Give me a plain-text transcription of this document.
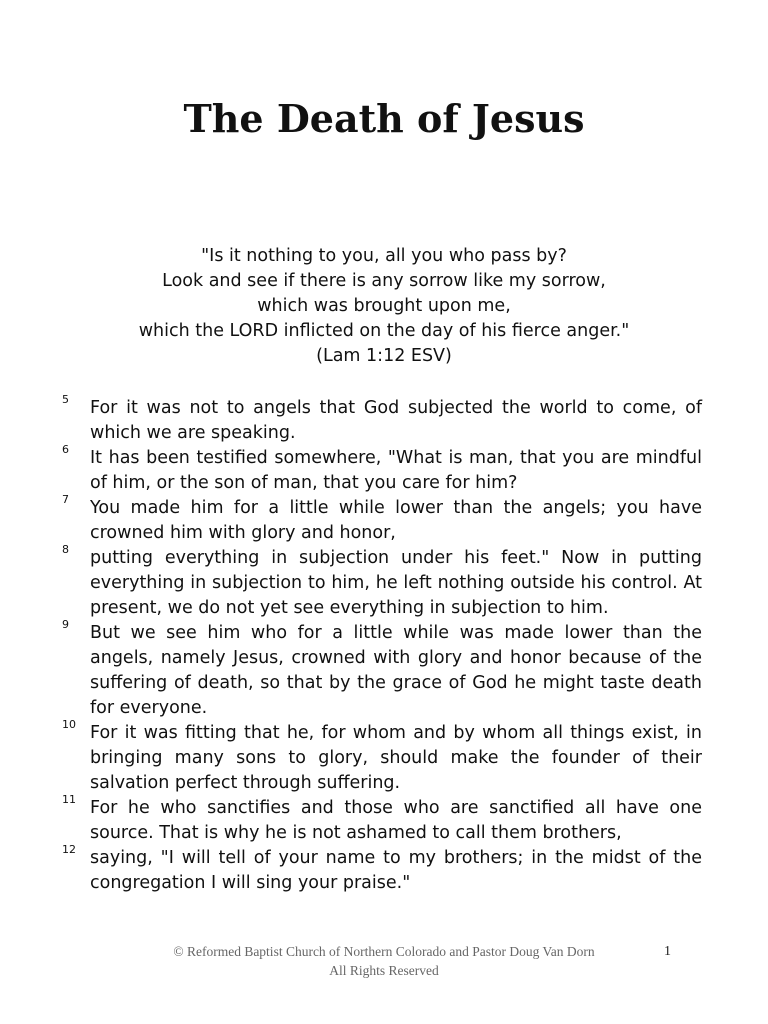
The Death of Jesus
"Is it nothing to you, all you who pass by?
Look and see if there is any sorrow like my sorrow,
which was brought upon me,
which the LORD inflicted on the day of his fierce anger."
(Lam 1:12 ESV)
5 For it was not to angels that God subjected the world to come, of which we are speaking.
6 It has been testified somewhere, "What is man, that you are mindful of him, or the son of man, that you care for him?
7 You made him for a little while lower than the angels; you have crowned him with glory and honor,
8 putting everything in subjection under his feet." Now in putting everything in subjection to him, he left nothing outside his control. At present, we do not yet see everything in subjection to him.
9 But we see him who for a little while was made lower than the angels, namely Jesus, crowned with glory and honor because of the suffering of death, so that by the grace of God he might taste death for everyone.
10 For it was fitting that he, for whom and by whom all things exist, in bringing many sons to glory, should make the founder of their salvation perfect through suffering.
11 For he who sanctifies and those who are sanctified all have one source. That is why he is not ashamed to call them brothers,
12 saying, "I will tell of your name to my brothers; in the midst of the congregation I will sing your praise."
© Reformed Baptist Church of Northern Colorado and Pastor Doug Van Dorn
All Rights Reserved
1
